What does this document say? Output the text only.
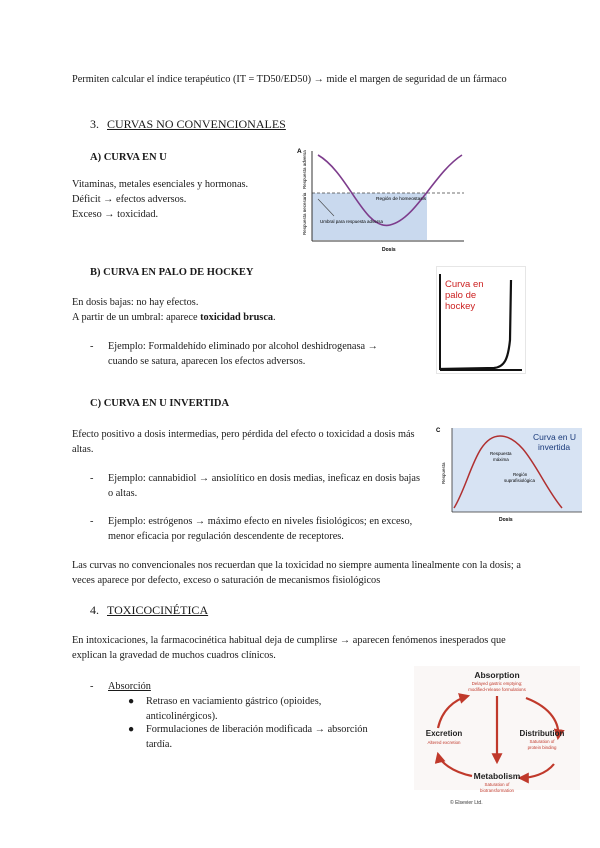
Permiten calcular el índice terapéutico (IT = TD50/ED50) → mide el margen de seguridad de un fármaco
3. CURVAS NO CONVENCIONALES
A) CURVA EN U
Vitaminas, metales esenciales y hormonas.
Déficit → efectos adversos.
Exceso → toxicidad.
A Respuesta adversa
Respuesta necesaria	Región de homeostasis
Umbral para respuesta adversa
Dosis
B) CURVA EN PALO DE HOCKEY
En dosis bajas: no hay efectos.
A partir de un umbral: aparece toxicidad brusca.
- Ejemplo: Formaldehído eliminado por alcohol deshidrogenasa → cuando se satura, aparecen los efectos adversos.
Curva en
palo de
hockey
C) CURVA EN U INVERTIDA
Efecto positivo a dosis intermedias, pero pérdida del efecto o toxicidad a dosis más altas.
- Ejemplo: cannabidiol → ansiolítico en dosis medias, ineficaz en dosis bajas o altas.
- Ejemplo: estrógenos → máximo efecto en niveles fisiológicos; en exceso, menor eficacia por regulación descendente de receptores.
C
Curva en U
invertida
Respuesta
máxima
Región
suprafisiológica
Respuesta
Dosis
Las curvas no convencionales nos recuerdan que la toxicidad no siempre aumenta linealmente con la dosis; a veces aparece por defecto, exceso o saturación de mecanismos fisiológicos
4. TOXICOCINÉTICA
En intoxicaciones, la farmacocinética habitual deja de cumplirse → aparecen fenómenos inesperados que explican la gravedad de muchos cuadros clínicos.
- Absorción
● Retraso en vaciamiento gástrico (opioides, anticolinérgicos).
● Formulaciones de liberación modificada → absorción tardía.
Absorption
Delayed gastric emptying;
modified-release formulations
Distribution
Saturation of
protein binding
Excretion
Altered excretion
Metabolism
Saturation of
biotransformation
© Elsevier Ltd.
